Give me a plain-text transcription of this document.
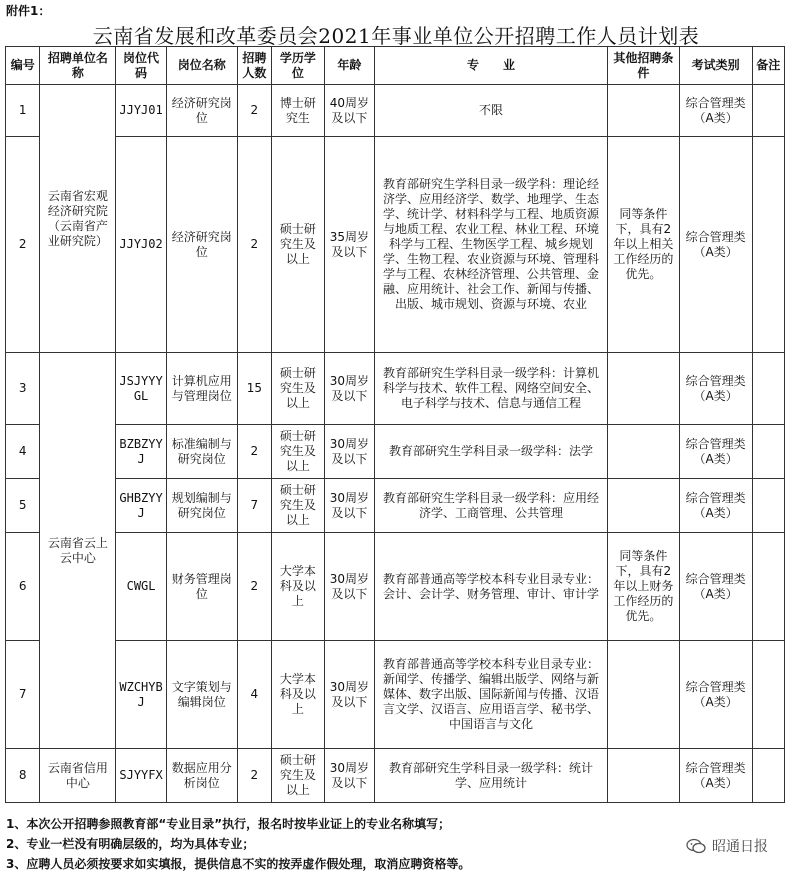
附件1：
云南省发展和改革委员会2021年事业单位公开招聘工作人员计划表
编号	招聘单位名称	岗位代码	岗位名称	招聘人数	学历学位	年龄	专　　业	其他招聘条件	考试类别	备注
1	云南省宏观经济研究院（云南省产业研究院）	JJYJ01	经济研究岗位	2	博士研究生	40周岁及以下	不限		综合管理类（A类）	
2		JJYJ02	经济研究岗位	2	硕士研究生及以上	35周岁及以下	教育部研究生学科目录一级学科：理论经济学、应用经济学、数学、地理学、生态学、统计学、材料科学与工程、地质资源与地质工程、农业工程、林业工程、环境科学与工程、生物医学工程、城乡规划学、生物工程、农业资源与环境、管理科学与工程、农林经济管理、公共管理、金融、应用统计、社会工作、新闻与传播、出版、城市规划、资源与环境、农业	同等条件下，具有2年以上相关工作经历的优先。	综合管理类（A类）	
3	云南省云上云中心	JSJYYYGL	计算机应用与管理岗位	15	硕士研究生及以上	30周岁及以下	教育部研究生学科目录一级学科：计算机科学与技术、软件工程、网络空间安全、电子科学与技术、信息与通信工程		综合管理类（A类）	
4		BZBZYYJ	标准编制与研究岗位	2	硕士研究生及以上	30周岁及以下	教育部研究生学科目录一级学科：法学		综合管理类（A类）	
5		GHBZYYJ	规划编制与研究岗位	7	硕士研究生及以上	30周岁及以下	教育部研究生学科目录一级学科：应用经济学、工商管理、公共管理		综合管理类（A类）	
6		CWGL	财务管理岗位	2	大学本科及以上	30周岁及以下	教育部普通高等学校本科专业目录专业：会计、会计学、财务管理、审计、审计学	同等条件下，具有2年以上财务工作经历的优先。	综合管理类（A类）	
7		WZCHYBJ	文字策划与编辑岗位	4	大学本科及以上	30周岁及以下	教育部普通高等学校本科专业目录专业：新闻学、传播学、编辑出版学、网络与新媒体、数字出版、国际新闻与传播、汉语言文学、汉语言、应用语言学、秘书学、中国语言与文化		综合管理类（A类）	
8	云南省信用中心	SJYYFX	数据应用分析岗位	2	硕士研究生及以上	30周岁及以下	教育部研究生学科目录一级学科：统计学、应用统计		综合管理类（A类）	
1、本次公开招聘参照教育部“专业目录”执行，报名时按毕业证上的专业名称填写；
2、专业一栏没有明确层级的，均为具体专业；
3、应聘人员必须按要求如实填报，提供信息不实的按弄虚作假处理，取消应聘资格等。
昭通日报
